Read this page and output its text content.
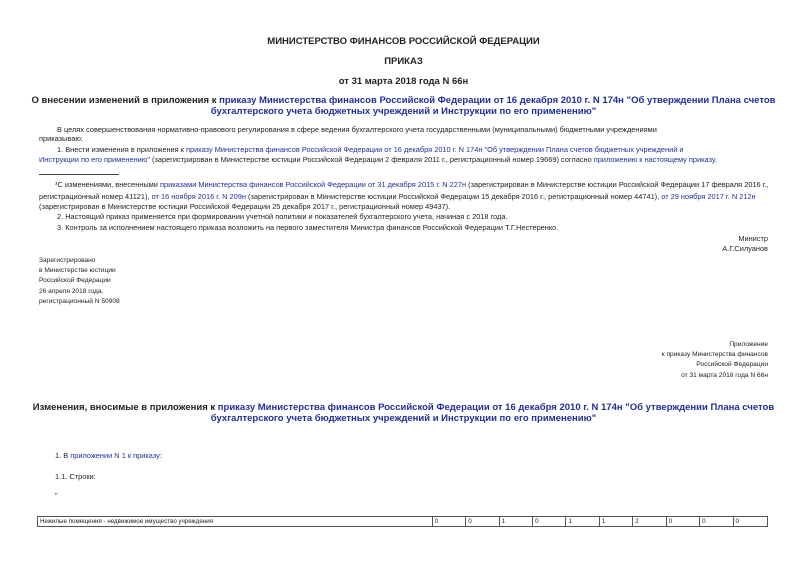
МИНИСТЕРСТВО ФИНАНСОВ РОССИЙСКОЙ ФЕДЕРАЦИИ
ПРИКАЗ
от 31 марта 2018 года N 66н
О внесении изменений в приложения к приказу Министерства финансов Российской Федерации от 16 декабря 2010 г. N 174н "Об утверждении Плана счетов
бухгалтерского учета бюджетных учреждений и Инструкции по его применению"
В целях совершенствования нормативно-правового регулирования в сфере ведения бухгалтерского учета государственными (муниципальными) бюджетными учреждениями
приказываю:
1. Внести изменения в приложения к приказу Министерства финансов Российской Федерации от 16 декабря 2010 г. N 174н "Об утверждении Плана счетов бюджетных учреждений и
Инструкции по его применению" (зарегистрирован в Министерстве юстиции Российской Федерации 2 февраля 2011 г., регистрационный номер 19669) согласно приложению к настоящему приказу.
¹С изменениями, внесенными приказами Министерства финансов Российской Федерации от 31 декабря 2015 г. N 227н (зарегистрирован в Министерстве юстиции Российской Федерации 17 февраля 2016 г.,
регистрационный номер 41121), от 16 ноября 2016 г. N 209н (зарегистрирован в Министерстве юстиции Российской Федерации 15 декабря 2016 г., регистрационный номер 44741), от 29 ноября 2017 г. N 212н
(зарегистрирован в Министерстве юстиции Российской Федерации 25 декабря 2017 г., регистрационный номер 49437).
2. Настоящий приказ применяется при формировании учетной политики и показателей бухгалтерского учета, начиная с 2018 года.
3. Контроль за исполнением настоящего приказа возложить на первого заместителя Министра финансов Российской Федерации Т.Г.Нестеренко.
Министр
А.Г.Силуанов
Зарегистрировано
в Министерстве юстиции
Российской Федерации
26 апреля 2018 года,
регистрационный N 50908
Приложение
к приказу Министерства финансов
Российской Федерации
от 31 марта 2018 года N 66н
Изменения, вносимые в приложения к приказу Министерства финансов Российской Федерации от 16 декабря 2010 г. N 174н "Об утверждении Плана счетов
бухгалтерского учета бюджетных учреждений и Инструкции по его применению"
1. В приложении N 1 к приказу:
1.1. Строки:
"
Нежилые помещения - недвижимое имущество учреждения	0	0	1	0	1	1	2	0	0	0
